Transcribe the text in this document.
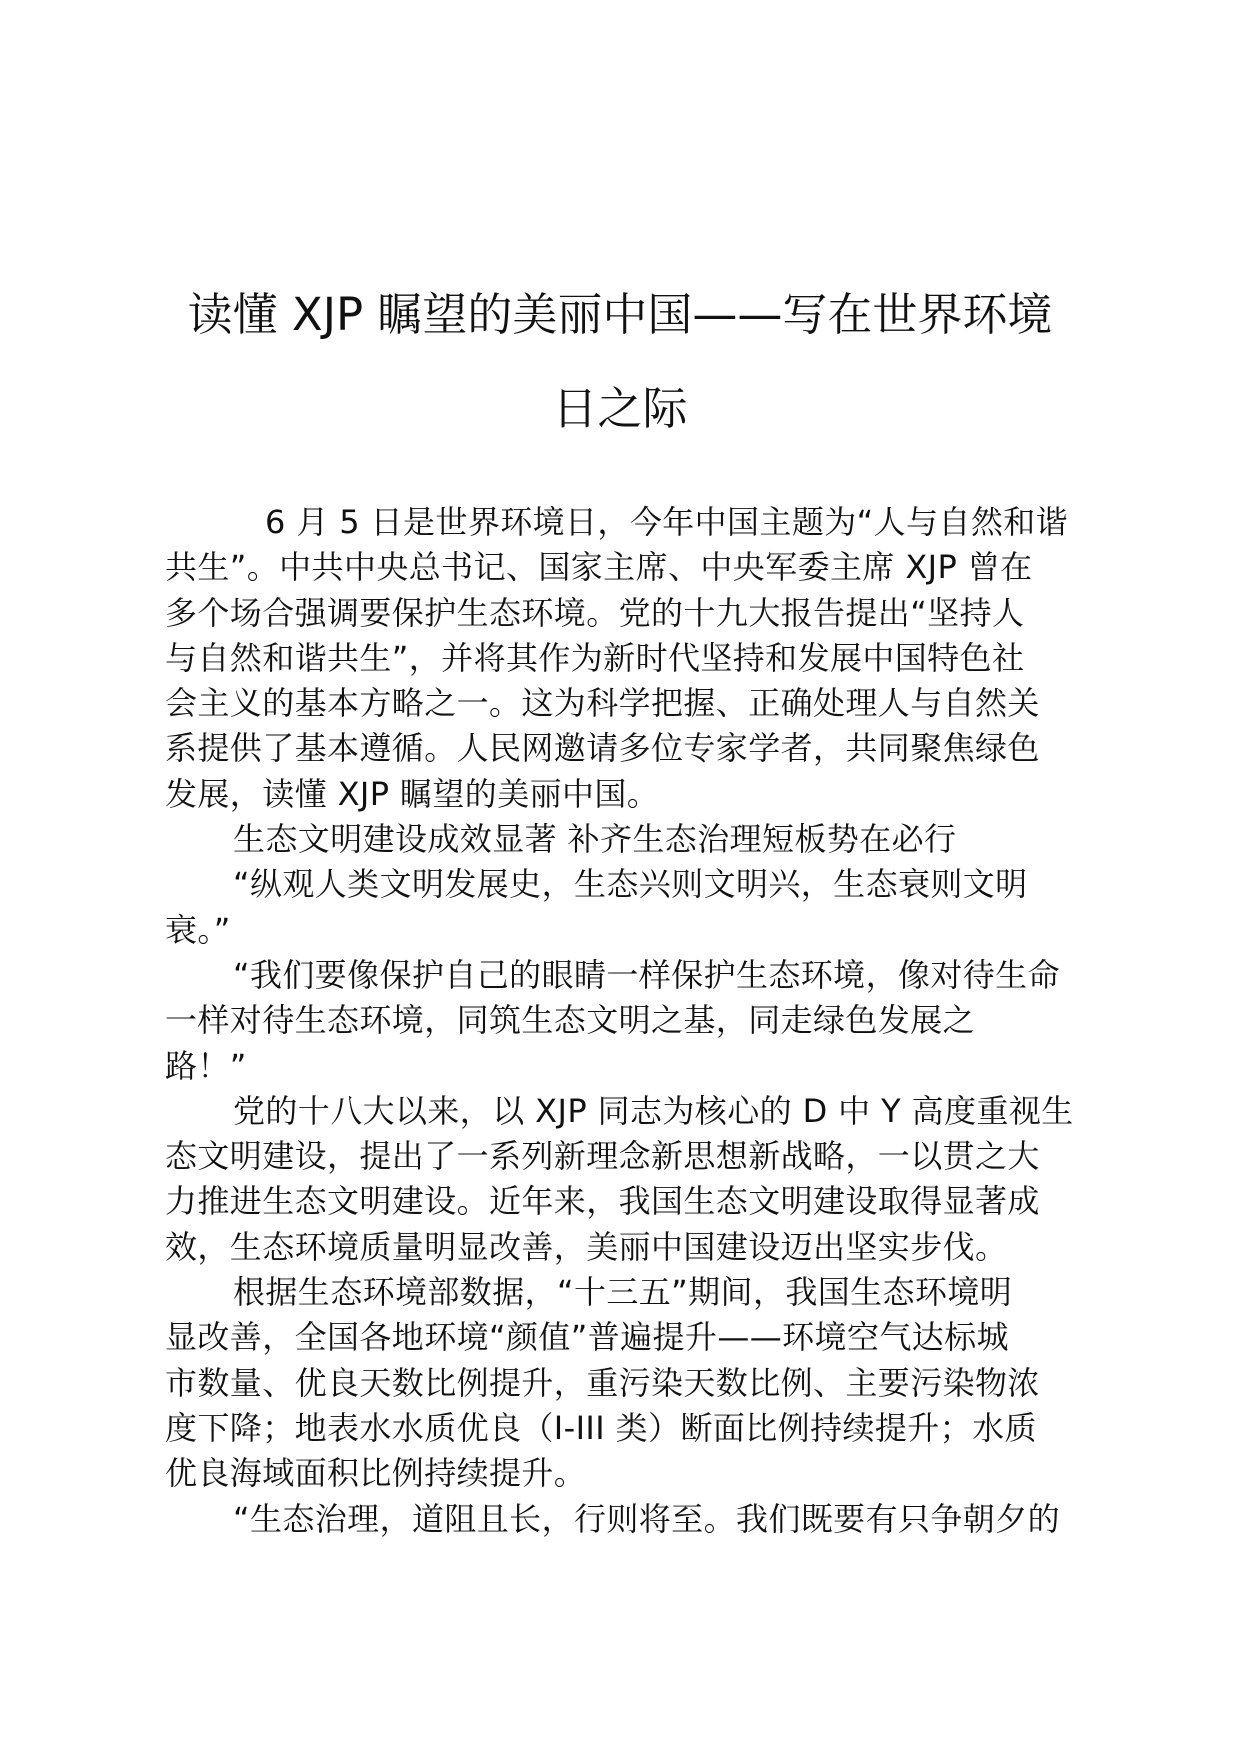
读懂 XJP 瞩望的美丽中国——写在世界环境
日之际
6 月 5 日是世界环境日，今年中国主题为“人与自然和谐
共生”。中共中央总书记、国家主席、中央军委主席 XJP 曾在
多个场合强调要保护生态环境。党的十九大报告提出“坚持人
与自然和谐共生”，并将其作为新时代坚持和发展中国特色社
会主义的基本方略之一。这为科学把握、正确处理人与自然关
系提供了基本遵循。人民网邀请多位专家学者，共同聚焦绿色
发展，读懂 XJP 瞩望的美丽中国。
生态文明建设成效显著 补齐生态治理短板势在必行
“纵观人类文明发展史，生态兴则文明兴，生态衰则文明
衰。”
“我们要像保护自己的眼睛一样保护生态环境，像对待生命
一样对待生态环境，同筑生态文明之基，同走绿色发展之
路！”
党的十八大以来，以 XJP 同志为核心的 D 中 Y 高度重视生
态文明建设，提出了一系列新理念新思想新战略，一以贯之大
力推进生态文明建设。近年来，我国生态文明建设取得显著成
效，生态环境质量明显改善，美丽中国建设迈出坚实步伐。
根据生态环境部数据，“十三五”期间，我国生态环境明
显改善，全国各地环境“颜值”普遍提升——环境空气达标城
市数量、优良天数比例提升，重污染天数比例、主要污染物浓
度下降；地表水水质优良（Ⅰ-III 类）断面比例持续提升；水质
优良海域面积比例持续提升。
“生态治理，道阻且长，行则将至。我们既要有只争朝夕的
